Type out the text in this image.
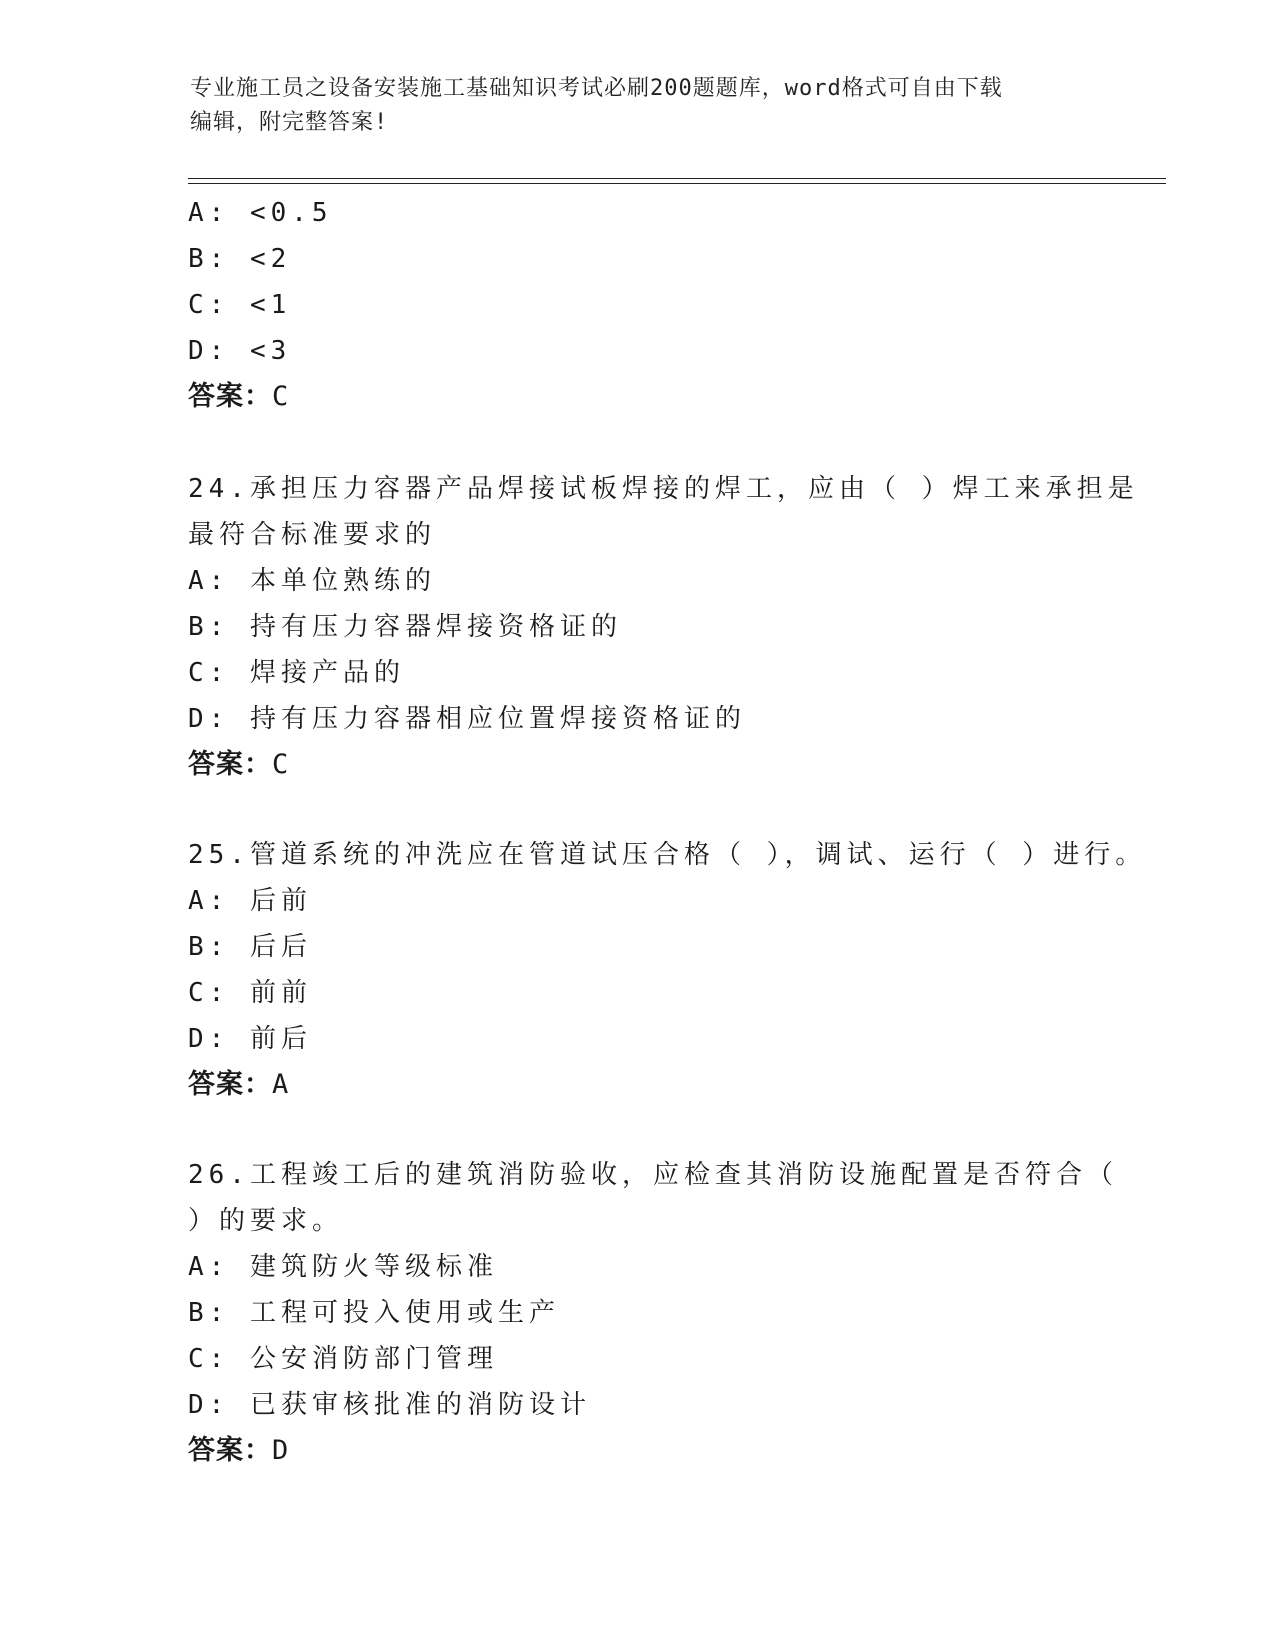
专业施工员之设备安装施工基础知识考试必刷200题题库，word格式可自由下载
编辑，附完整答案!
A: <0.5
B: <2
C: <1
D: <3
答案：C
24.承担压力容器产品焊接试板焊接的焊工，应由（ ）焊工来承担是
最符合标准要求的
A: 本单位熟练的
B: 持有压力容器焊接资格证的
C: 焊接产品的
D: 持有压力容器相应位置焊接资格证的
答案：C
25.管道系统的冲洗应在管道试压合格（ ），调试、运行（ ）进行。
A: 后前
B: 后后
C: 前前
D: 前后
答案：A
26.工程竣工后的建筑消防验收，应检查其消防设施配置是否符合（
）的要求。
A: 建筑防火等级标准
B: 工程可投入使用或生产
C: 公安消防部门管理
D: 已获审核批准的消防设计
答案：D
